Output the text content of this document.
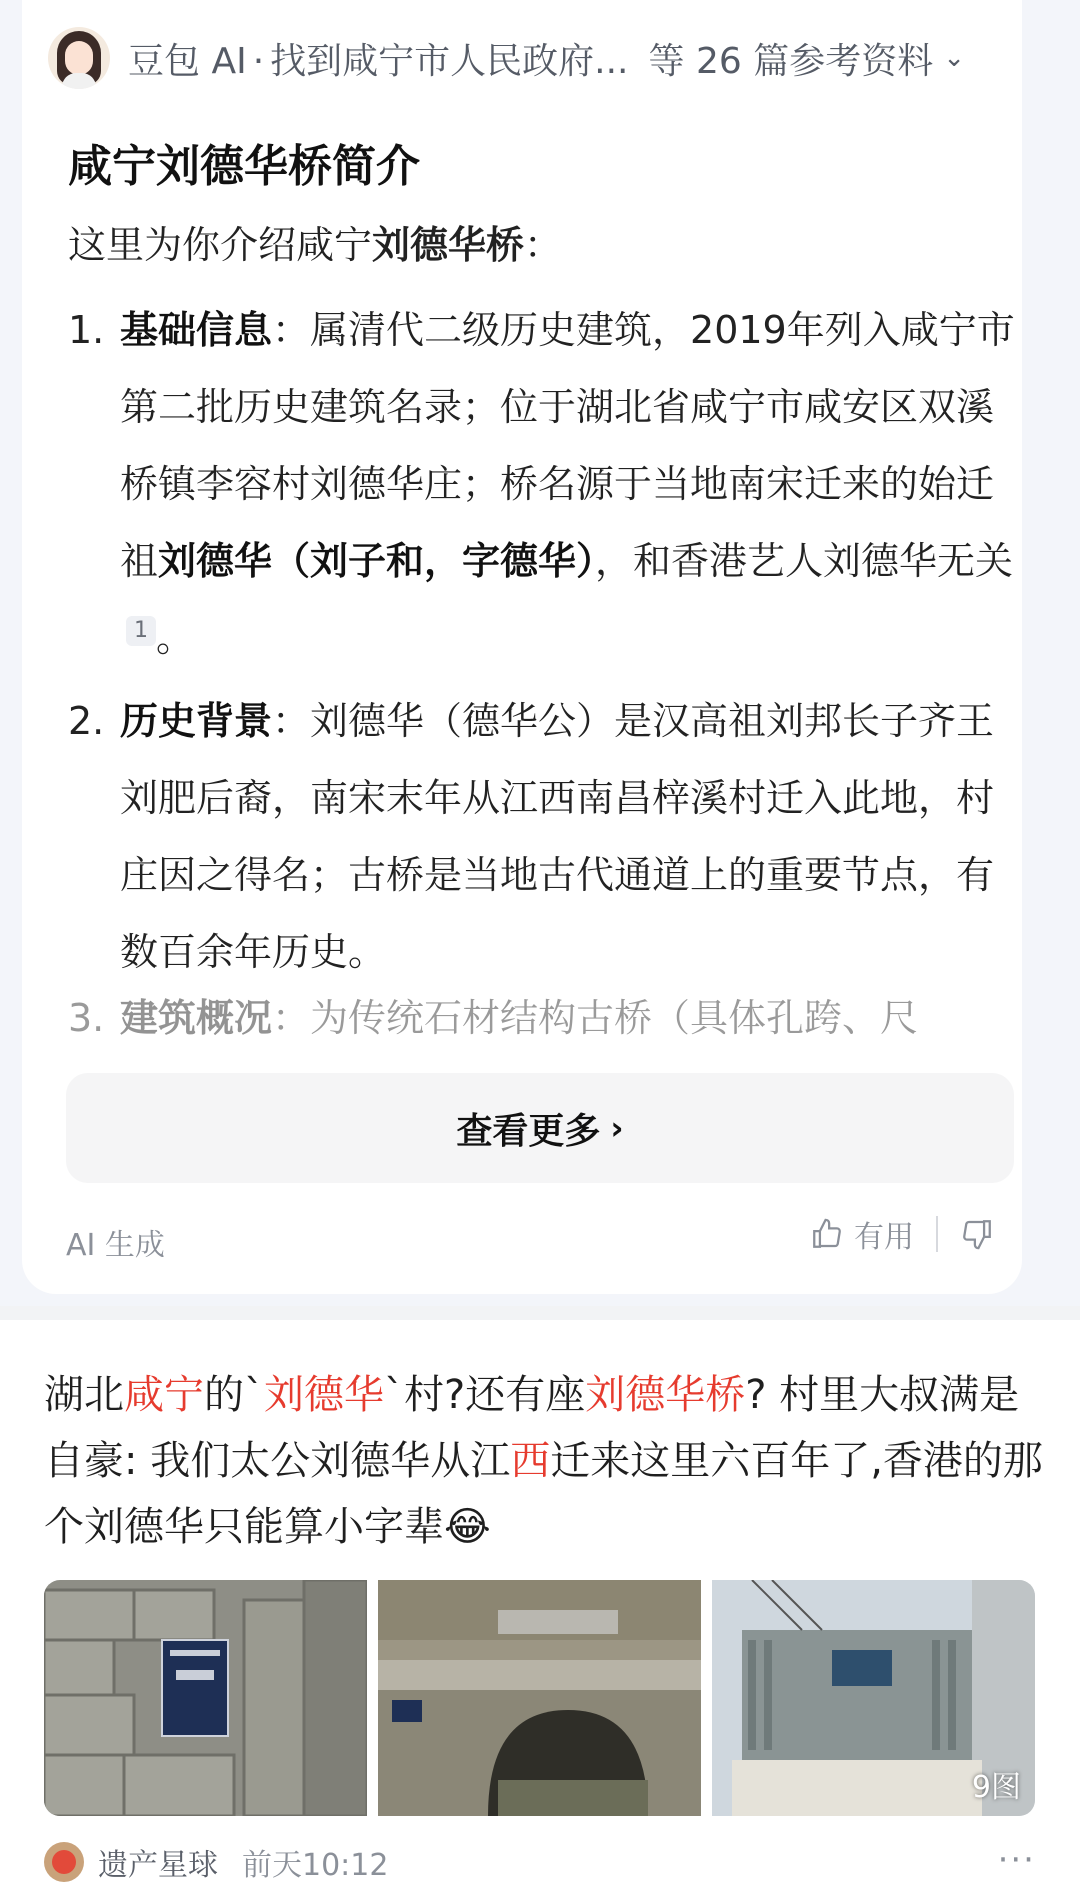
豆包 AI · 找到咸宁市人民政府... 等 26 篇参考资料 ⌄
咸宁刘德华桥简介
这里为你介绍咸宁刘德华桥：
1. 基础信息：属清代二级历史建筑，2019年列入咸宁市第二批历史建筑名录；位于湖北省咸宁市咸安区双溪桥镇李容村刘德华庄；桥名源于当地南宋迁来的始迁祖刘德华（刘子和，字德华），和香港艺人刘德华无关1 。
2. 历史背景：刘德华（德华公）是汉高祖刘邦长子齐王刘肥后裔，南宋末年从江西南昌梓溪村迁入此地，村庄因之得名；古桥是当地古代通道上的重要节点，有数百余年历史。
3. 建筑概况：为传统石材结构古桥（具体孔跨、尺
查看更多 ›
AI 生成	有用
湖北咸宁的`刘德华`村?还有座刘德华桥? 村里大叔满是自豪: 我们太公刘德华从江西迁来这里六百年了,香港的那个刘德华只能算小字辈😂
9图
遗产星球 前天10:12	···
